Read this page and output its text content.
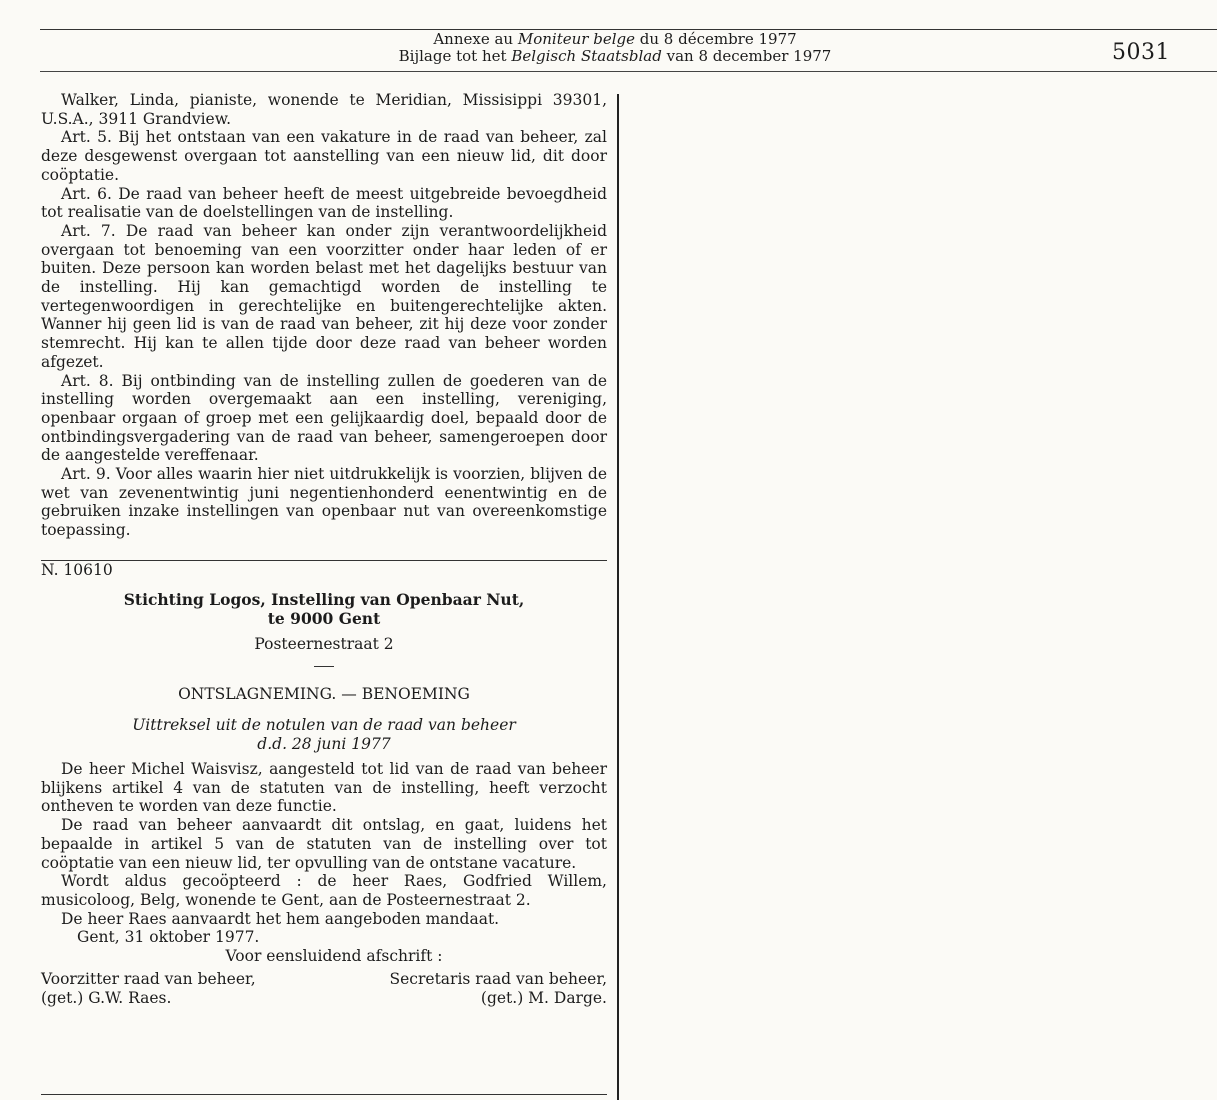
Annexe au Moniteur belge du 8 décembre 1977
Bijlage tot het Belgisch Staatsblad van 8 december 1977	5031

Walker, Linda, pianiste, wonende te Meridian, Missisippi 39301, U.S.A., 3911 Grandview.

Art. 5. Bij het ontstaan van een vakature in de raad van beheer, zal deze desgewenst overgaan tot aanstelling van een nieuw lid, dit door coöptatie.

Art. 6. De raad van beheer heeft de meest uitgebreide bevoegdheid tot realisatie van de doelstellingen van de instelling.

Art. 7. De raad van beheer kan onder zijn verantwoordelijkheid overgaan tot benoeming van een voorzitter onder haar leden of er buiten. Deze persoon kan worden belast met het dagelijks bestuur van de instelling. Hij kan gemachtigd worden de instelling te vertegenwoordigen in gerechtelijke en buitengerechtelijke akten. Wanner hij geen lid is van de raad van beheer, zit hij deze voor zonder stemrecht. Hij kan te allen tijde door deze raad van beheer worden afgezet.

Art. 8. Bij ontbinding van de instelling zullen de goederen van de instelling worden overgemaakt aan een instelling, vereniging, openbaar orgaan of groep met een gelijkaardig doel, bepaald door de ontbindingsvergadering van de raad van beheer, samengeroepen door de aangestelde vereffenaar.

Art. 9. Voor alles waarin hier niet uitdrukkelijk is voorzien, blijven de wet van zevenentwintig juni negentienhonderd eenentwintig en de gebruiken inzake instellingen van openbaar nut van overeenkomstige toepassing.

N. 10610

Stichting Logos, Instelling van Openbaar Nut,
te 9000 Gent
Posteernestraat 2
ONTSLAGNEMING. — BENOEMING
Uittreksel uit de notulen van de raad van beheer
d.d. 28 juni 1977

De heer Michel Waisvisz, aangesteld tot lid van de raad van beheer blijkens artikel 4 van de statuten van de instelling, heeft verzocht ontheven te worden van deze functie.

De raad van beheer aanvaardt dit ontslag, en gaat, luidens het bepaalde in artikel 5 van de statuten van de instelling over tot coöptatie van een nieuw lid, ter opvulling van de ontstane vacature.

Wordt aldus gecoöpteerd : de heer Raes, Godfried Willem, musicoloog, Belg, wonende te Gent, aan de Posteernestraat 2.

De heer Raes aanvaardt het hem aangeboden mandaat.

Gent, 31 oktober 1977.

Voor eensluidend afschrift :

Voorzitter raad van beheer,
(get.) G.W. Raes.
Secretaris raad van beheer,
(get.) M. Darge.
